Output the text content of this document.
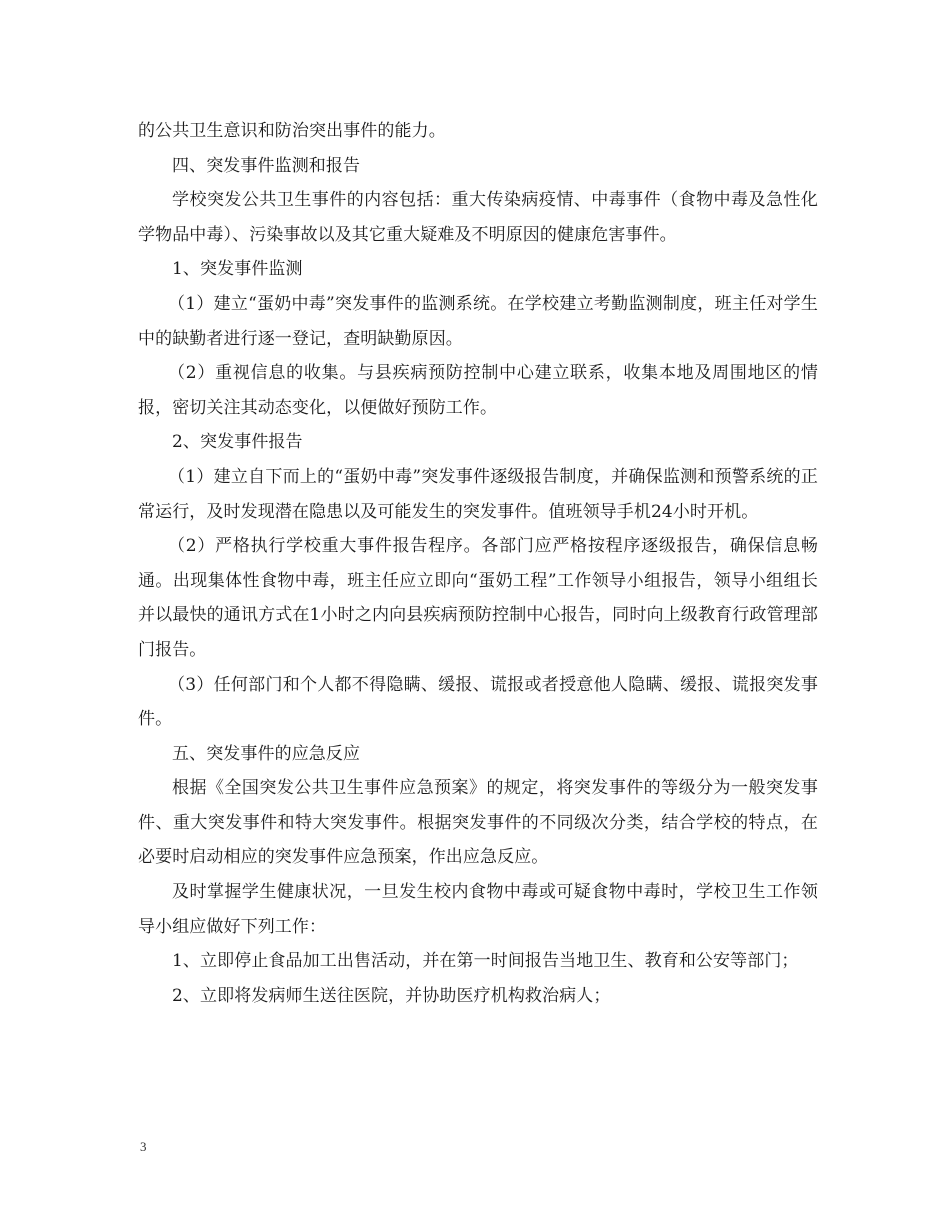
的公共卫生意识和防治突出事件的能力。

四、突发事件监测和报告

学校突发公共卫生事件的内容包括：重大传染病疫情、中毒事件（食物中毒及急性化学物品中毒）、污染事故以及其它重大疑难及不明原因的健康危害事件。

1、突发事件监测

（1）建立“蛋奶中毒”突发事件的监测系统。在学校建立考勤监测制度，班主任对学生中的缺勤者进行逐一登记，查明缺勤原因。

（2）重视信息的收集。与县疾病预防控制中心建立联系，收集本地及周围地区的情报，密切关注其动态变化，以便做好预防工作。

2、突发事件报告

（1）建立自下而上的“蛋奶中毒”突发事件逐级报告制度，并确保监测和预警系统的正常运行，及时发现潜在隐患以及可能发生的突发事件。值班领导手机24小时开机。

（2）严格执行学校重大事件报告程序。各部门应严格按程序逐级报告，确保信息畅通。出现集体性食物中毒，班主任应立即向“蛋奶工程”工作领导小组报告，领导小组组长并以最快的通讯方式在1小时之内向县疾病预防控制中心报告，同时向上级教育行政管理部门报告。

（3）任何部门和个人都不得隐瞒、缓报、谎报或者授意他人隐瞒、缓报、谎报突发事件。

五、突发事件的应急反应

根据《全国突发公共卫生事件应急预案》的规定，将突发事件的等级分为一般突发事件、重大突发事件和特大突发事件。根据突发事件的不同级次分类，结合学校的特点，在必要时启动相应的突发事件应急预案，作出应急反应。

及时掌握学生健康状况，一旦发生校内食物中毒或可疑食物中毒时，学校卫生工作领导小组应做好下列工作：

1、立即停止食品加工出售活动，并在第一时间报告当地卫生、教育和公安等部门；

2、立即将发病师生送往医院，并协助医疗机构救治病人；

3
